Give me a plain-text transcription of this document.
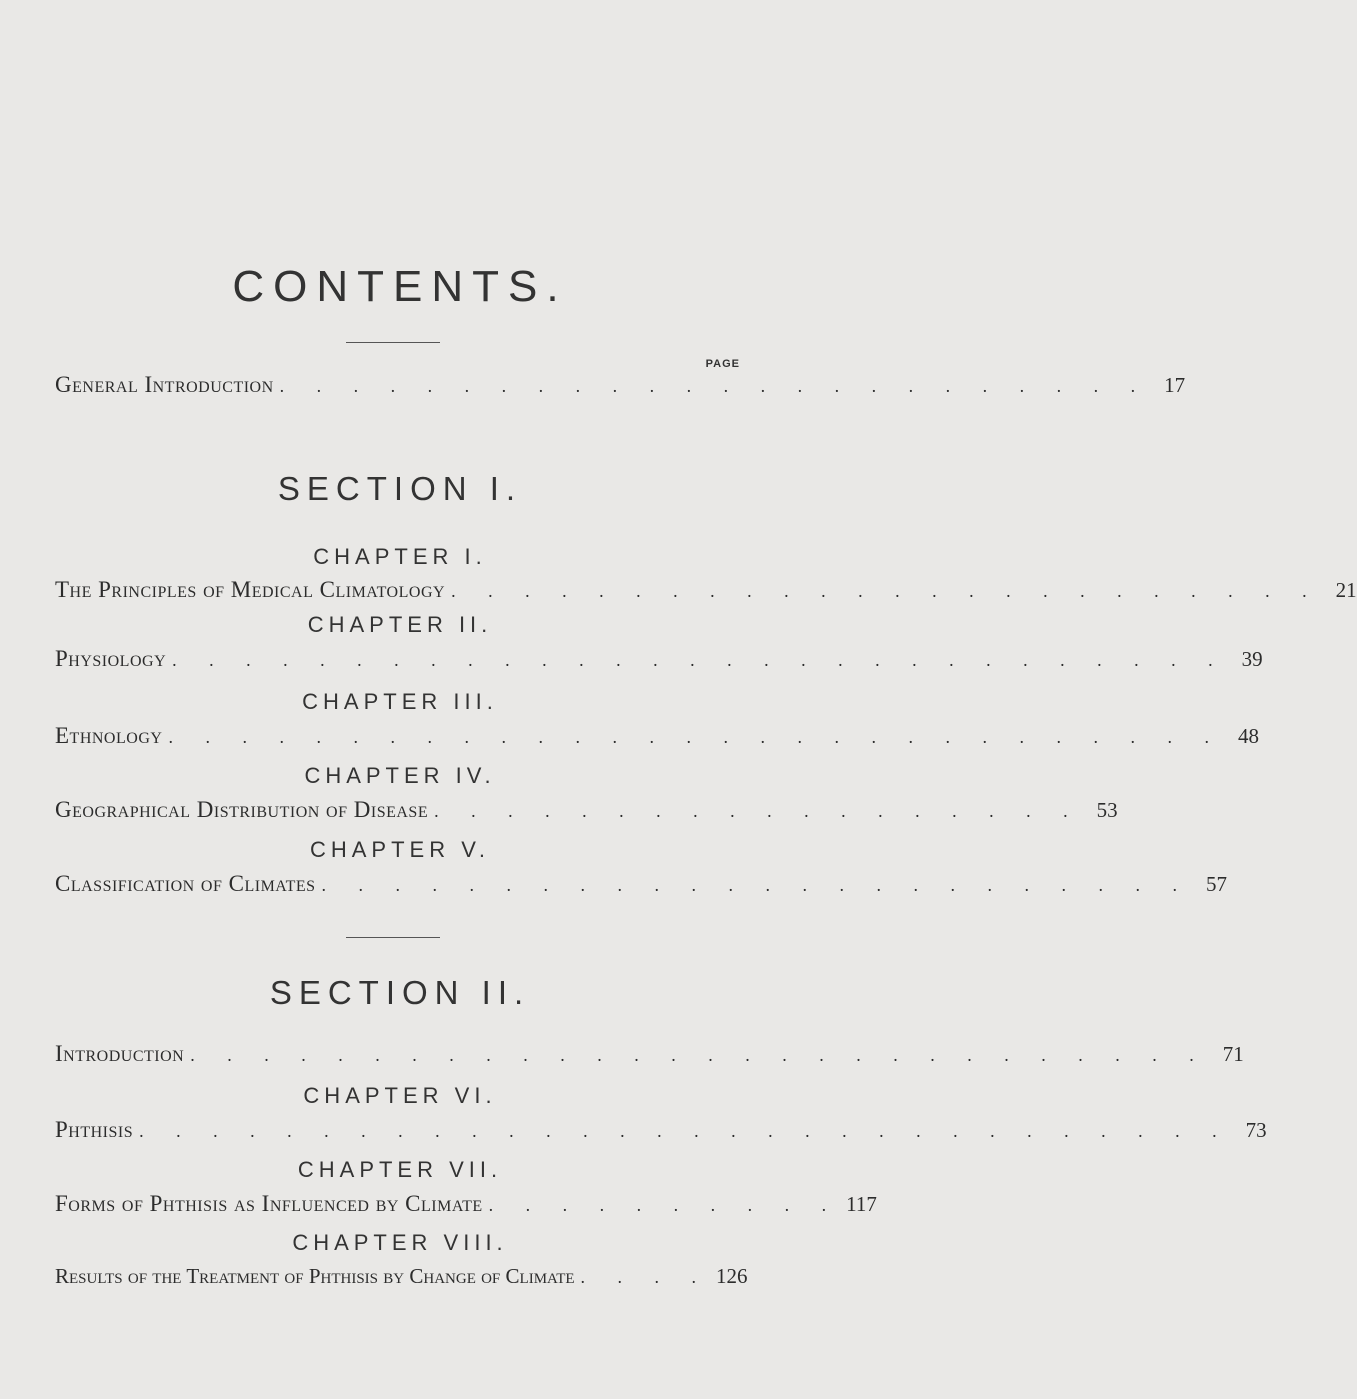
CONTENTS.
PAGE
General Introduction . . . . . . . . . . . . . . . . . . . . . . . . 17
SECTION I.
CHAPTER I.
The Principles of Medical Climatology . . . . . . . . . . . . . . . . . . . . . . . . 21
CHAPTER II.
Physiology . . . . . . . . . . . . . . . . . . . . . . . . . . . . . 39
CHAPTER III.
Ethnology . . . . . . . . . . . . . . . . . . . . . . . . . . . . . 48
CHAPTER IV.
Geographical Distribution of Disease . . . . . . . . . . . . . . . . . . 53
CHAPTER V.
Classification of Climates . . . . . . . . . . . . . . . . . . . . . . . . 57
SECTION II.
Introduction . . . . . . . . . . . . . . . . . . . . . . . . . . . . 71
CHAPTER VI.
Phthisis . . . . . . . . . . . . . . . . . . . . . . . . . . . . . . 73
CHAPTER VII.
Forms of Phthisis as Influenced by Climate . . . . . . . . . . 117
CHAPTER VIII.
Results of the Treatment of Phthisis by Change of Climate . . . . 126
